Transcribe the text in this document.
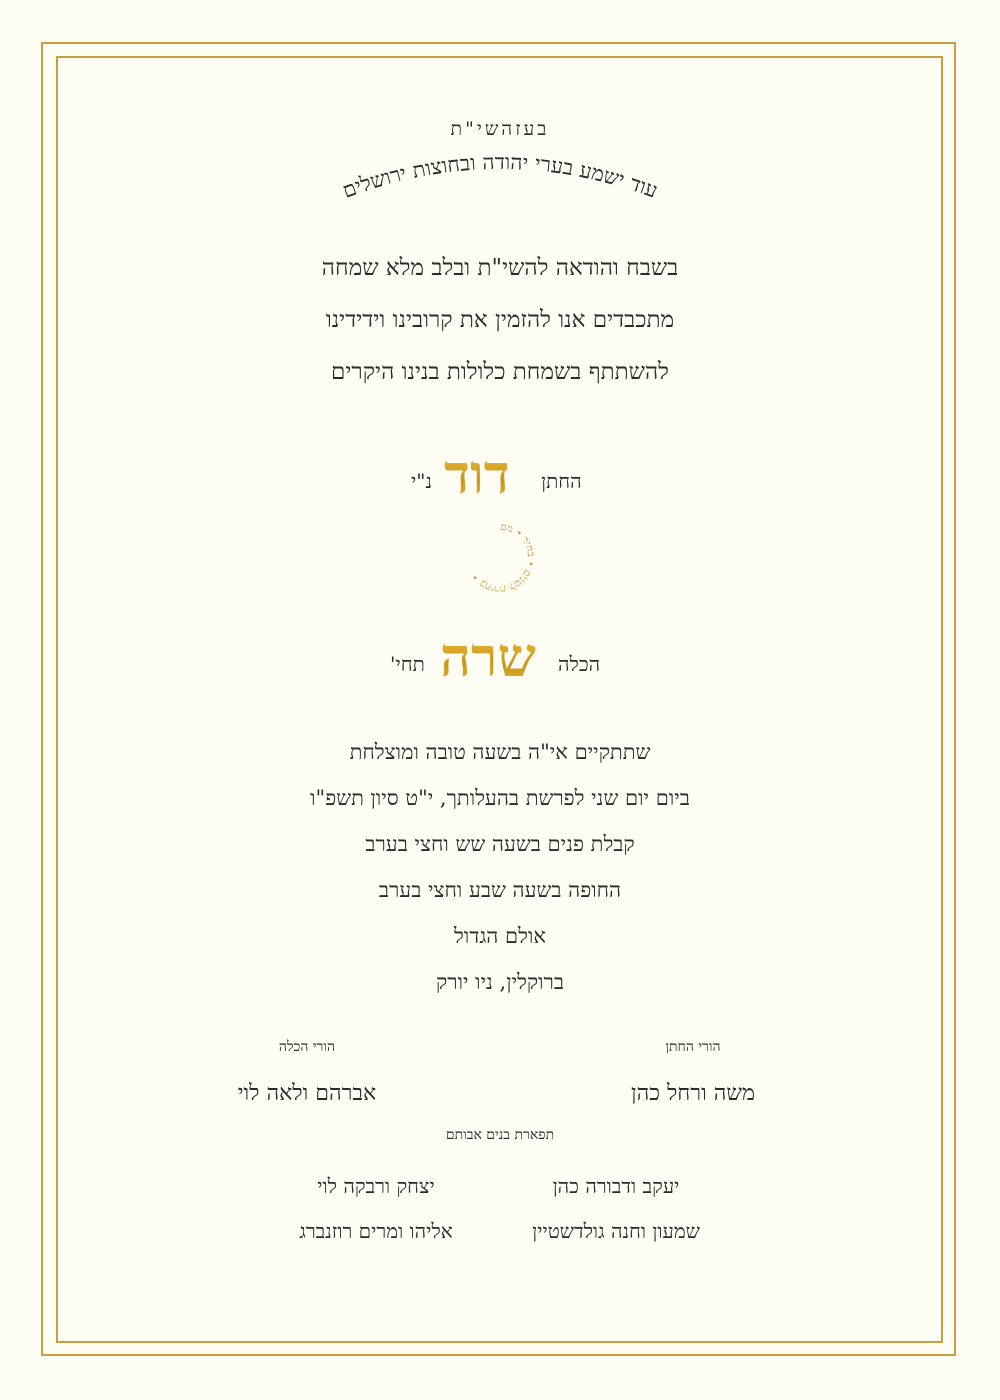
בעזהשי"ת
עוד ישמע בערי יהודה ובחוצות ירושלים
בשבח והודאה להשי"ת ובלב מלא שמחה
מתכבדים אנו להזמין את קרובינו וידידינו
להשתתף בשמחת כלולות בנינו היקרים
החתן
דוד
נ"י
בחירת לשנים • בחיר • מם •
הכלה
שרה
תחי'
שתתקיים אי"ה בשעה טובה ומוצלחת
ביום יום שני לפרשת בהעלותך, י"ט סיון תשפ"ו
קבלת פנים בשעה שש וחצי בערב
החופה בשעה שבע וחצי בערב
אולם הגדול
ברוקלין, ניו יורק
הורי החתן
הורי הכלה
משה ורחל כהן
אברהם ולאה לוי
תפארת בנים אבותם
יעקב ודבורה כהן
יצחק ורבקה לוי
שמעון וחנה גולדשטיין
אליהו ומרים רוזנברג
